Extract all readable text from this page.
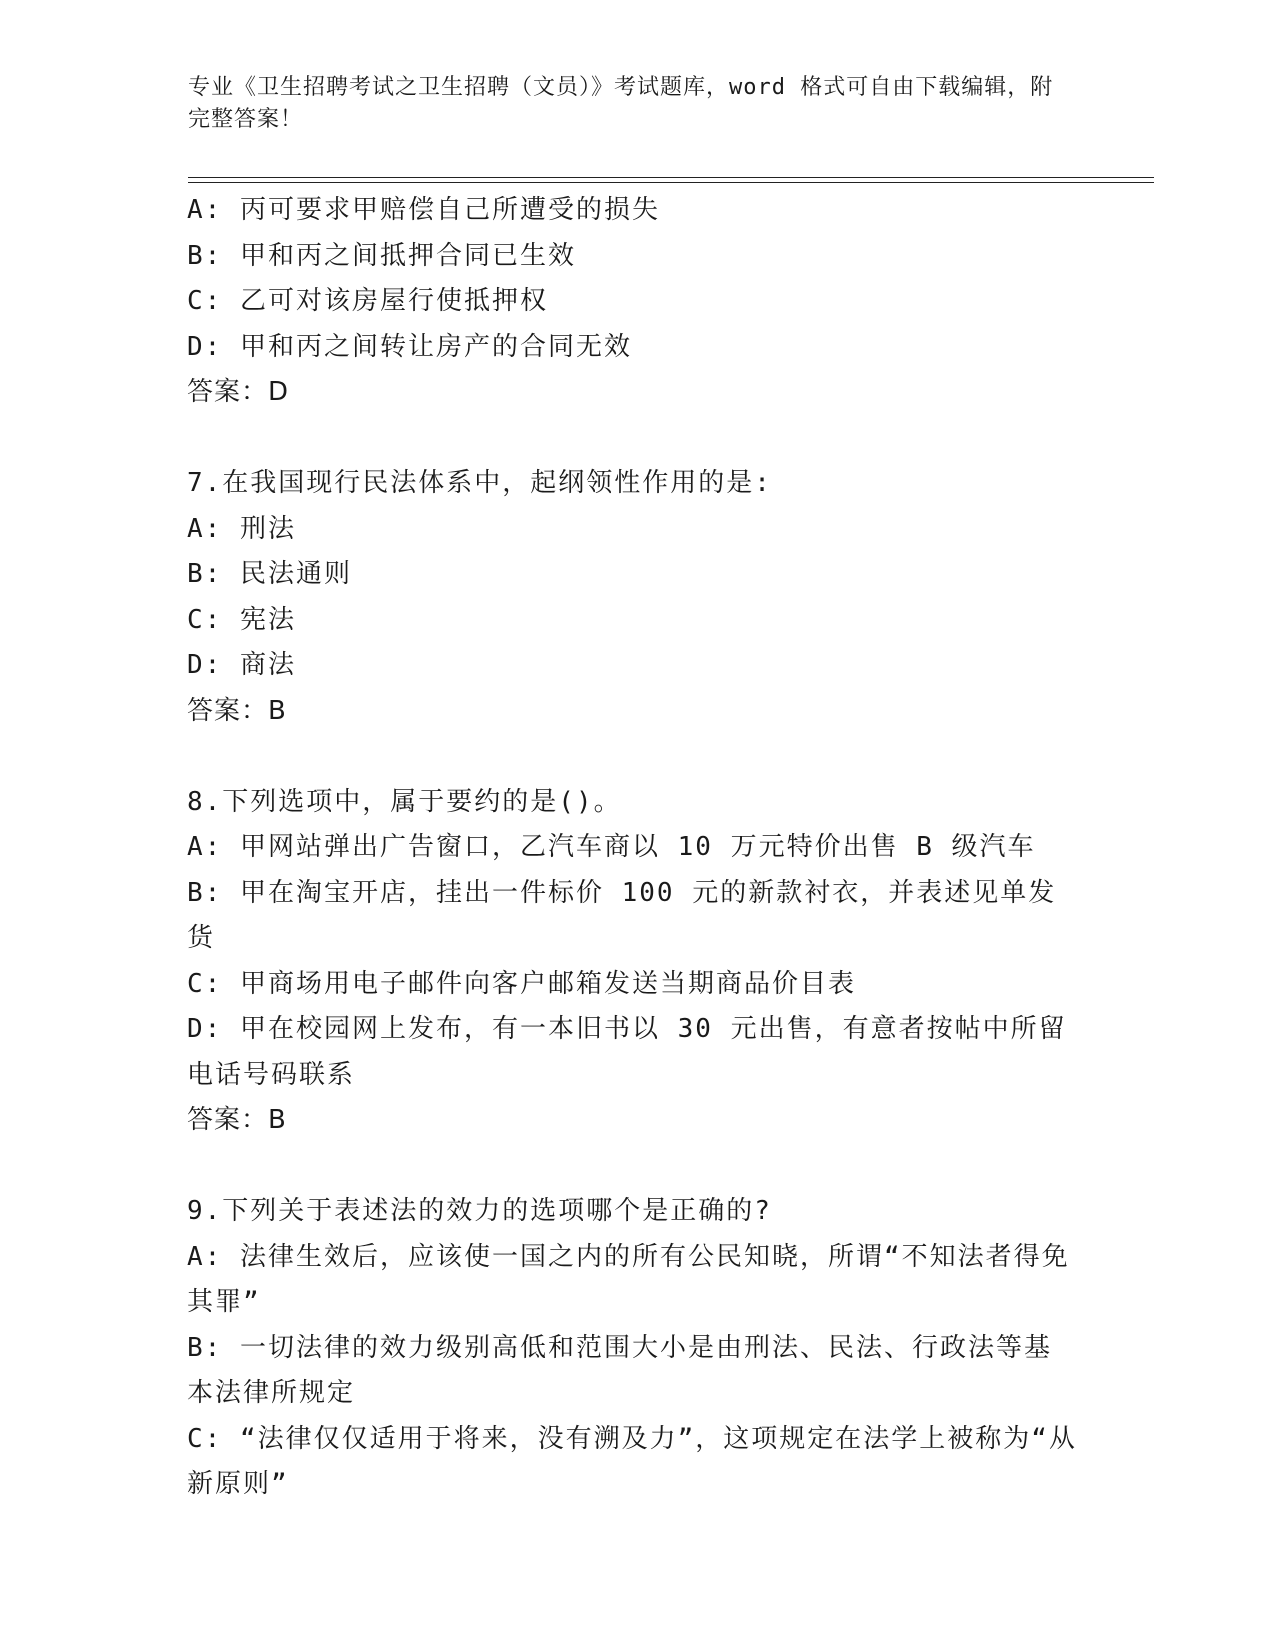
专业《卫生招聘考试之卫生招聘（文员）》考试题库，word 格式可自由下载编辑，附完整答案！
A: 丙可要求甲赔偿自己所遭受的损失
B: 甲和丙之间抵押合同已生效
C: 乙可对该房屋行使抵押权
D: 甲和丙之间转让房产的合同无效
答案：D
7.在我国现行民法体系中，起纲领性作用的是:
A: 刑法
B: 民法通则
C: 宪法
D: 商法
答案：B
8.下列选项中，属于要约的是()。
A: 甲网站弹出广告窗口，乙汽车商以 10 万元特价出售 B 级汽车
B: 甲在淘宝开店，挂出一件标价 100 元的新款衬衣，并表述见单发货
C: 甲商场用电子邮件向客户邮箱发送当期商品价目表
D: 甲在校园网上发布，有一本旧书以 30 元出售，有意者按帖中所留电话号码联系
答案：B
9.下列关于表述法的效力的选项哪个是正确的?
A: 法律生效后，应该使一国之内的所有公民知晓，所谓“不知法者得免其罪”
B: 一切法律的效力级别高低和范围大小是由刑法、民法、行政法等基本法律所规定
C: “法律仅仅适用于将来，没有溯及力”，这项规定在法学上被称为“从新原则”
